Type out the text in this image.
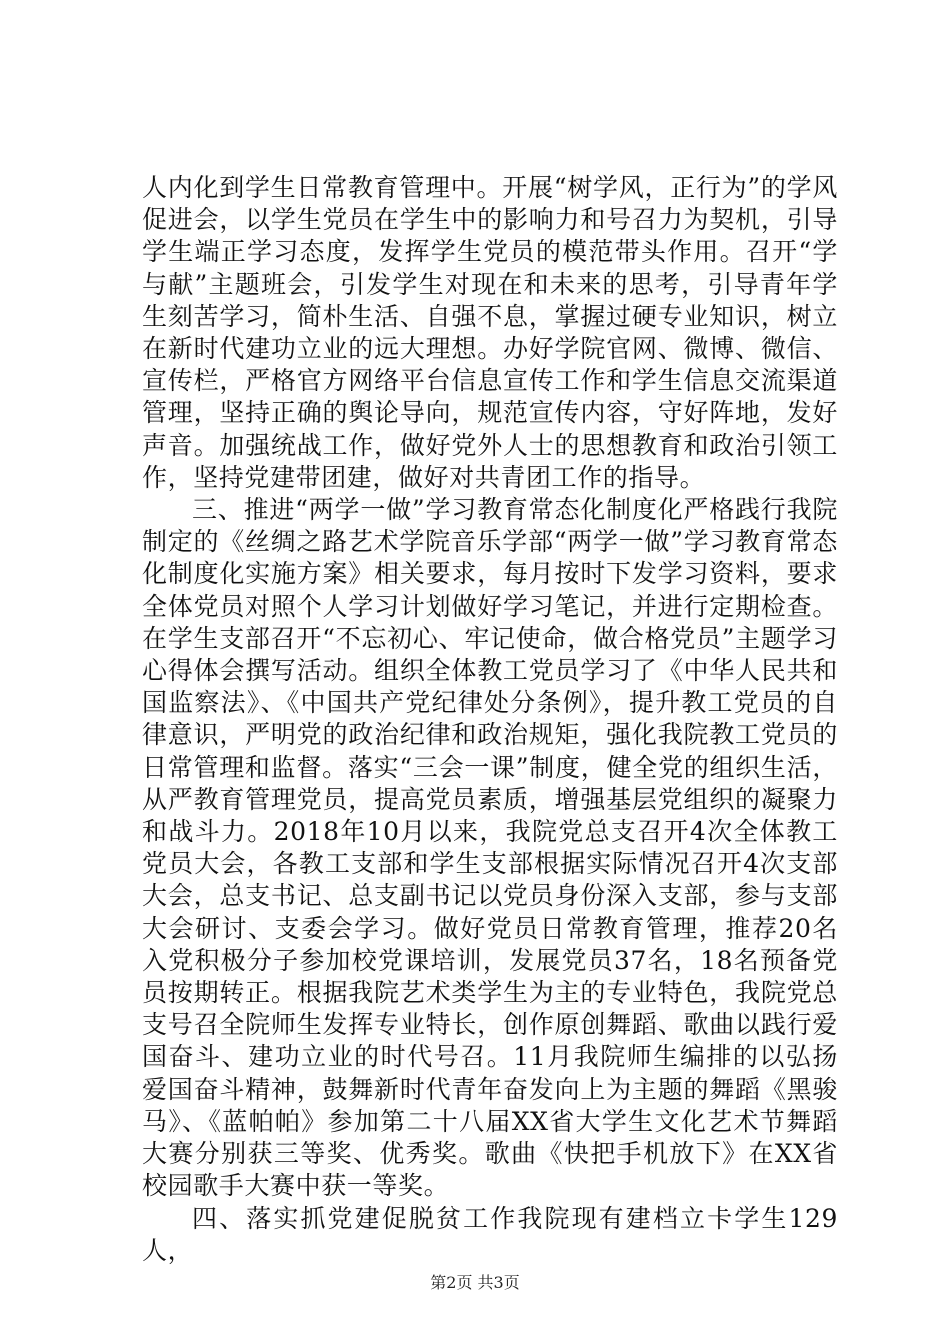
人内化到学生日常教育管理中。开展“树学风，正行为”的学风促进会，以学生党员在学生中的影响力和号召力为契机，引导学生端正学习态度，发挥学生党员的模范带头作用。召开“学与献”主题班会，引发学生对现在和未来的思考，引导青年学生刻苦学习，简朴生活、自强不息，掌握过硬专业知识，树立在新时代建功立业的远大理想。办好学院官网、微博、微信、宣传栏，严格官方网络平台信息宣传工作和学生信息交流渠道管理，坚持正确的舆论导向，规范宣传内容，守好阵地，发好声音。加强统战工作，做好党外人士的思想教育和政治引领工作，坚持党建带团建，做好对共青团工作的指导。

三、推进“两学一做”学习教育常态化制度化严格践行我院制定的《丝绸之路艺术学院音乐学部“两学一做”学习教育常态化制度化实施方案》相关要求，每月按时下发学习资料，要求全体党员对照个人学习计划做好学习笔记，并进行定期检查。在学生支部召开“不忘初心、牢记使命，做合格党员”主题学习心得体会撰写活动。组织全体教工党员学习了《中华人民共和国监察法》、《中国共产党纪律处分条例》，提升教工党员的自律意识，严明党的政治纪律和政治规矩，强化我院教工党员的日常管理和监督。落实“三会一课”制度，健全党的组织生活，从严教育管理党员，提高党员素质，增强基层党组织的凝聚力和战斗力。2018年10月以来，我院党总支召开4次全体教工党员大会，各教工支部和学生支部根据实际情况召开4次支部大会，总支书记、总支副书记以党员身份深入支部，参与支部大会研讨、支委会学习。做好党员日常教育管理，推荐20名入党积极分子参加校党课培训，发展党员37名，18名预备党员按期转正。根据我院艺术类学生为主的专业特色，我院党总支号召全院师生发挥专业特长，创作原创舞蹈、歌曲以践行爱国奋斗、建功立业的时代号召。11月我院师生编排的以弘扬爱国奋斗精神，鼓舞新时代青年奋发向上为主题的舞蹈《黑骏马》、《蓝帕帕》参加第二十八届XX省大学生文化艺术节舞蹈大赛分别获三等奖、优秀奖。歌曲《快把手机放下》在XX省校园歌手大赛中获一等奖。

四、落实抓党建促脱贫工作我院现有建档立卡学生129人，

第2页 共3页
